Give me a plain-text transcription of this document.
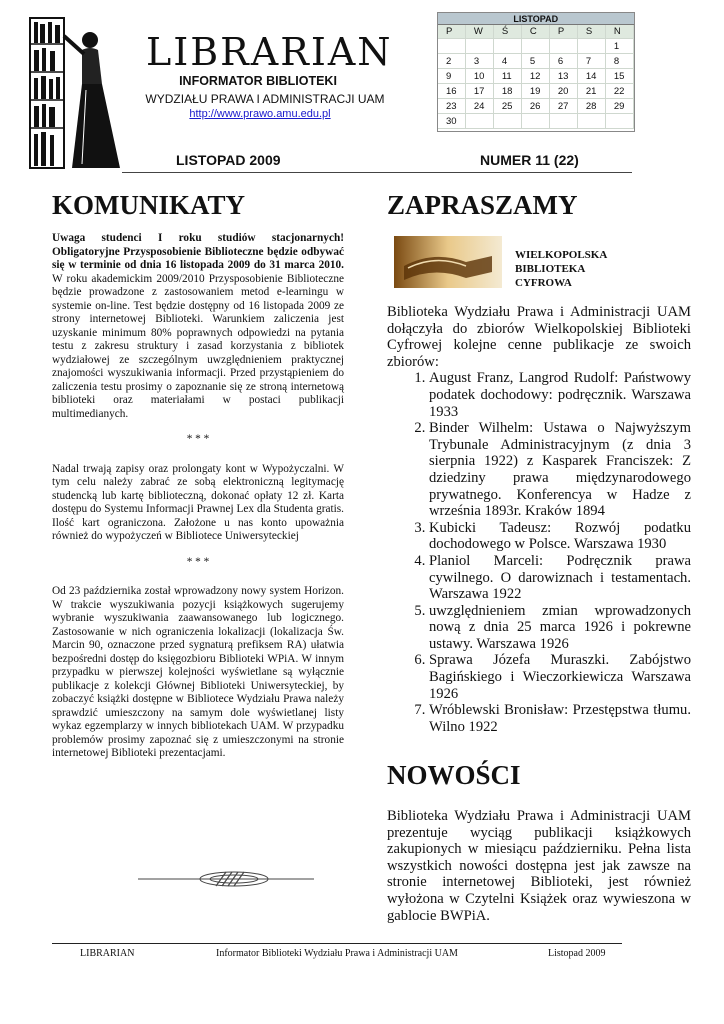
LIBRARIAN
INFORMATOR BIBLIOTEKI
WYDZIAŁU PRAWA I ADMINISTRACJI UAM
http://www.prawo.amu.edu.pl
LISTOPAD						
P	W	Ś	C	P	S	N
						1
2	3	4	5	6	7	8
9	10	11	12	13	14	15
16	17	18	19	20	21	22
23	24	25	26	27	28	29
30						
LISTOPAD 2009	NUMER 11 (22)
KOMUNIKATY

Uwaga studenci I roku studiów stacjonarnych! Obligatoryjne Przysposobienie Biblioteczne będzie odbywać się w terminie od dnia 16 listopada 2009 do 31 marca 2010. W roku akademickim 2009/2010 Przysposobienie Biblioteczne będzie prowadzone z zastosowaniem metod e-learningu w systemie on-line. Test będzie dostępny od 16 listopada 2009 ze strony internetowej Biblioteki. Warunkiem zaliczenia jest uzyskanie minimum 80% poprawnych odpowiedzi na pytania testu z zakresu struktury i zasad korzystania z bibliotek wydziałowej ze szczególnym uwzględnieniem praktycznej znajomości wyszukiwania informacji. Przed przystąpieniem do zaliczenia testu prosimy o zapoznanie się ze stroną internetową biblioteki oraz materiałami w postaci publikacji multimedianych.

* * *

Nadal trwają zapisy oraz prolongaty kont w Wypożyczalni. W tym celu należy zabrać ze sobą elektroniczną legitymację studencką lub kartę biblioteczną, dokonać opłaty 12 zł. Karta dostępu do Systemu Informacji Prawnej Lex dla Studenta gratis. Ilość kart ograniczona. Założone u nas konto upoważnia również do wypożyczeń w Bibliotece Uniwersyteckiej

* * *

Od 23 października został wprowadzony nowy system Horizon. W trakcie wyszukiwania pozycji książkowych sugerujemy wybranie wyszukiwania zaawansowanego lub logicznego. Zastosowanie w nich ograniczenia lokalizacji (lokalizacja Św. Marcin 90, oznaczone przed sygnaturą prefiksem RA) ułatwia bezpośredni dostęp do księgozbioru Biblioteki WPiA. W innym przypadku w pierwszej kolejności wyświetlane są wyłącznie publikacje z kolekcji Głównej Biblioteki Uniwersyteckiej, by zobaczyć książki dostępne w Bibliotece Wydziału Prawa należy sprawdzić umieszczony na samym dole wyświetlanej listy wykaz egzemplarzy w innych bibliotekach UAM. W przypadku problemów prosimy zapoznać się z umieszczonymi na stronie internetowej Biblioteki prezentacjami.

ZAPRASZAMY
WIELKOPOLSKA
BIBLIOTEKA
CYFROWA

Biblioteka Wydziału Prawa i Administracji UAM dołączyła do zbiorów Wielkopolskiej Biblioteki Cyfrowej kolejne cenne publikacje ze swoich zbiorów:

1. August Franz, Langrod Rudolf: Państwowy podatek dochodowy: podręcznik. Warszawa 1933
2. Binder Wilhelm: Ustawa o Najwyższym Trybunale Administracyjnym (z dnia 3 sierpnia 1922) z Kasparek Franciszek: Z dziedziny prawa międzynarodowego prywatnego. Konferencya w Hadze z września 1893r. Kraków 1894
3. Kubicki Tadeusz: Rozwój podatku dochodowego w Polsce. Warszawa 1930
4. Planiol Marceli: Podręcznik prawa cywilnego. O darowiznach i testamentach. Warszawa 1922
5. uwzględnieniem zmian wprowadzonych nową z dnia 25 marca 1926 i pokrewne ustawy. Warszawa 1926
6. Sprawa Józefa Muraszki. Zabójstwo Bagińskiego i Wieczorkiewicza Warszawa 1926
7. Wróblewski Bronisław: Przestępstwa tłumu. Wilno 1922
NOWOŚCI
Biblioteka Wydziału Prawa i Administracji UAM prezentuje wyciąg publikacji książkowych zakupionych w miesiącu październiku. Pełna lista wszystkich nowości dostępna jest jak zawsze na stronie internetowej Biblioteki, jest również wyłożona w Czytelni Książek oraz wywieszona w gablocie BWPiA.
LIBRARIAN	Informator Biblioteki Wydziału Prawa i Administracji UAM	Listopad 2009
